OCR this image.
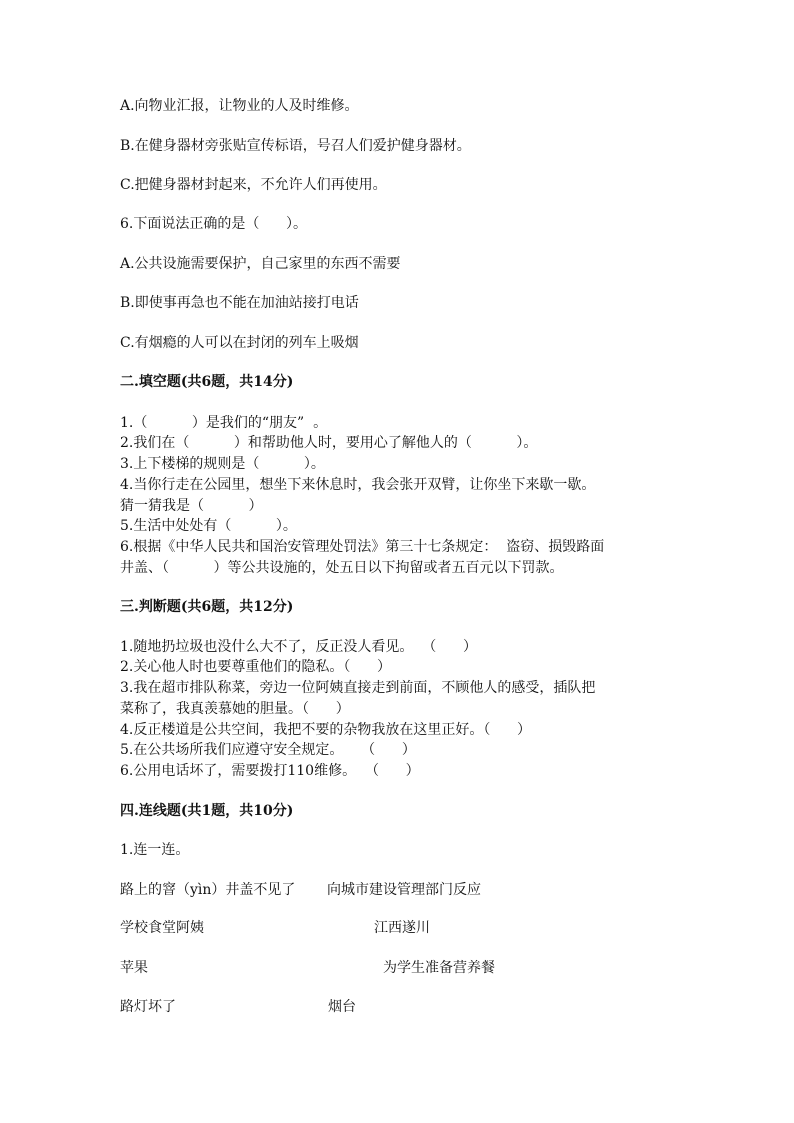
A.向物业汇报，让物业的人及时维修。
B.在健身器材旁张贴宣传标语，号召人们爱护健身器材。
C.把健身器材封起来，不允许人们再使用。
6.下面说法正确的是（      ）。
A.公共设施需要保护，自己家里的东西不需要
B.即使事再急也不能在加油站接打电话
C.有烟瘾的人可以在封闭的列车上吸烟
二.填空题(共6题，共14分)
1.（          ）是我们的“朋友”  。
2.我们在（          ）和帮助他人时，要用心了解他人的（          ）。
3.上下楼梯的规则是（          ）。
4.当你行走在公园里，想坐下来休息时，我会张开双臂，让你坐下来歇一歇。
猜一猜我是（          ）
5.生活中处处有（          ）。
6.根据《中华人民共和国治安管理处罚法》第三十七条规定：  盗窃、损毁路面
井盖、（          ）等公共设施的，处五日以下拘留或者五百元以下罚款。
三.判断题(共6题，共12分)
1.随地扔垃圾也没什么大不了，反正没人看见。  （      ）
2.关心他人时也要尊重他们的隐私。（      ）
3.我在超市排队称菜，旁边一位阿姨直接走到前面，不顾他人的感受，插队把
菜称了，我真羡慕她的胆量。（      ）
4.反正楼道是公共空间，我把不要的杂物我放在这里正好。（      ）
5.在公共场所我们应遵守安全规定。    （      ）
6.公用电话坏了，需要拨打110维修。  （      ）
四.连线题(共1题，共10分)
1.连一连。
路上的窨（yìn）井盖不见了 向城市建设管理部门反应
学校食堂阿姨	江西遂川
苹果	为学生准备营养餐
路灯坏了	烟台
